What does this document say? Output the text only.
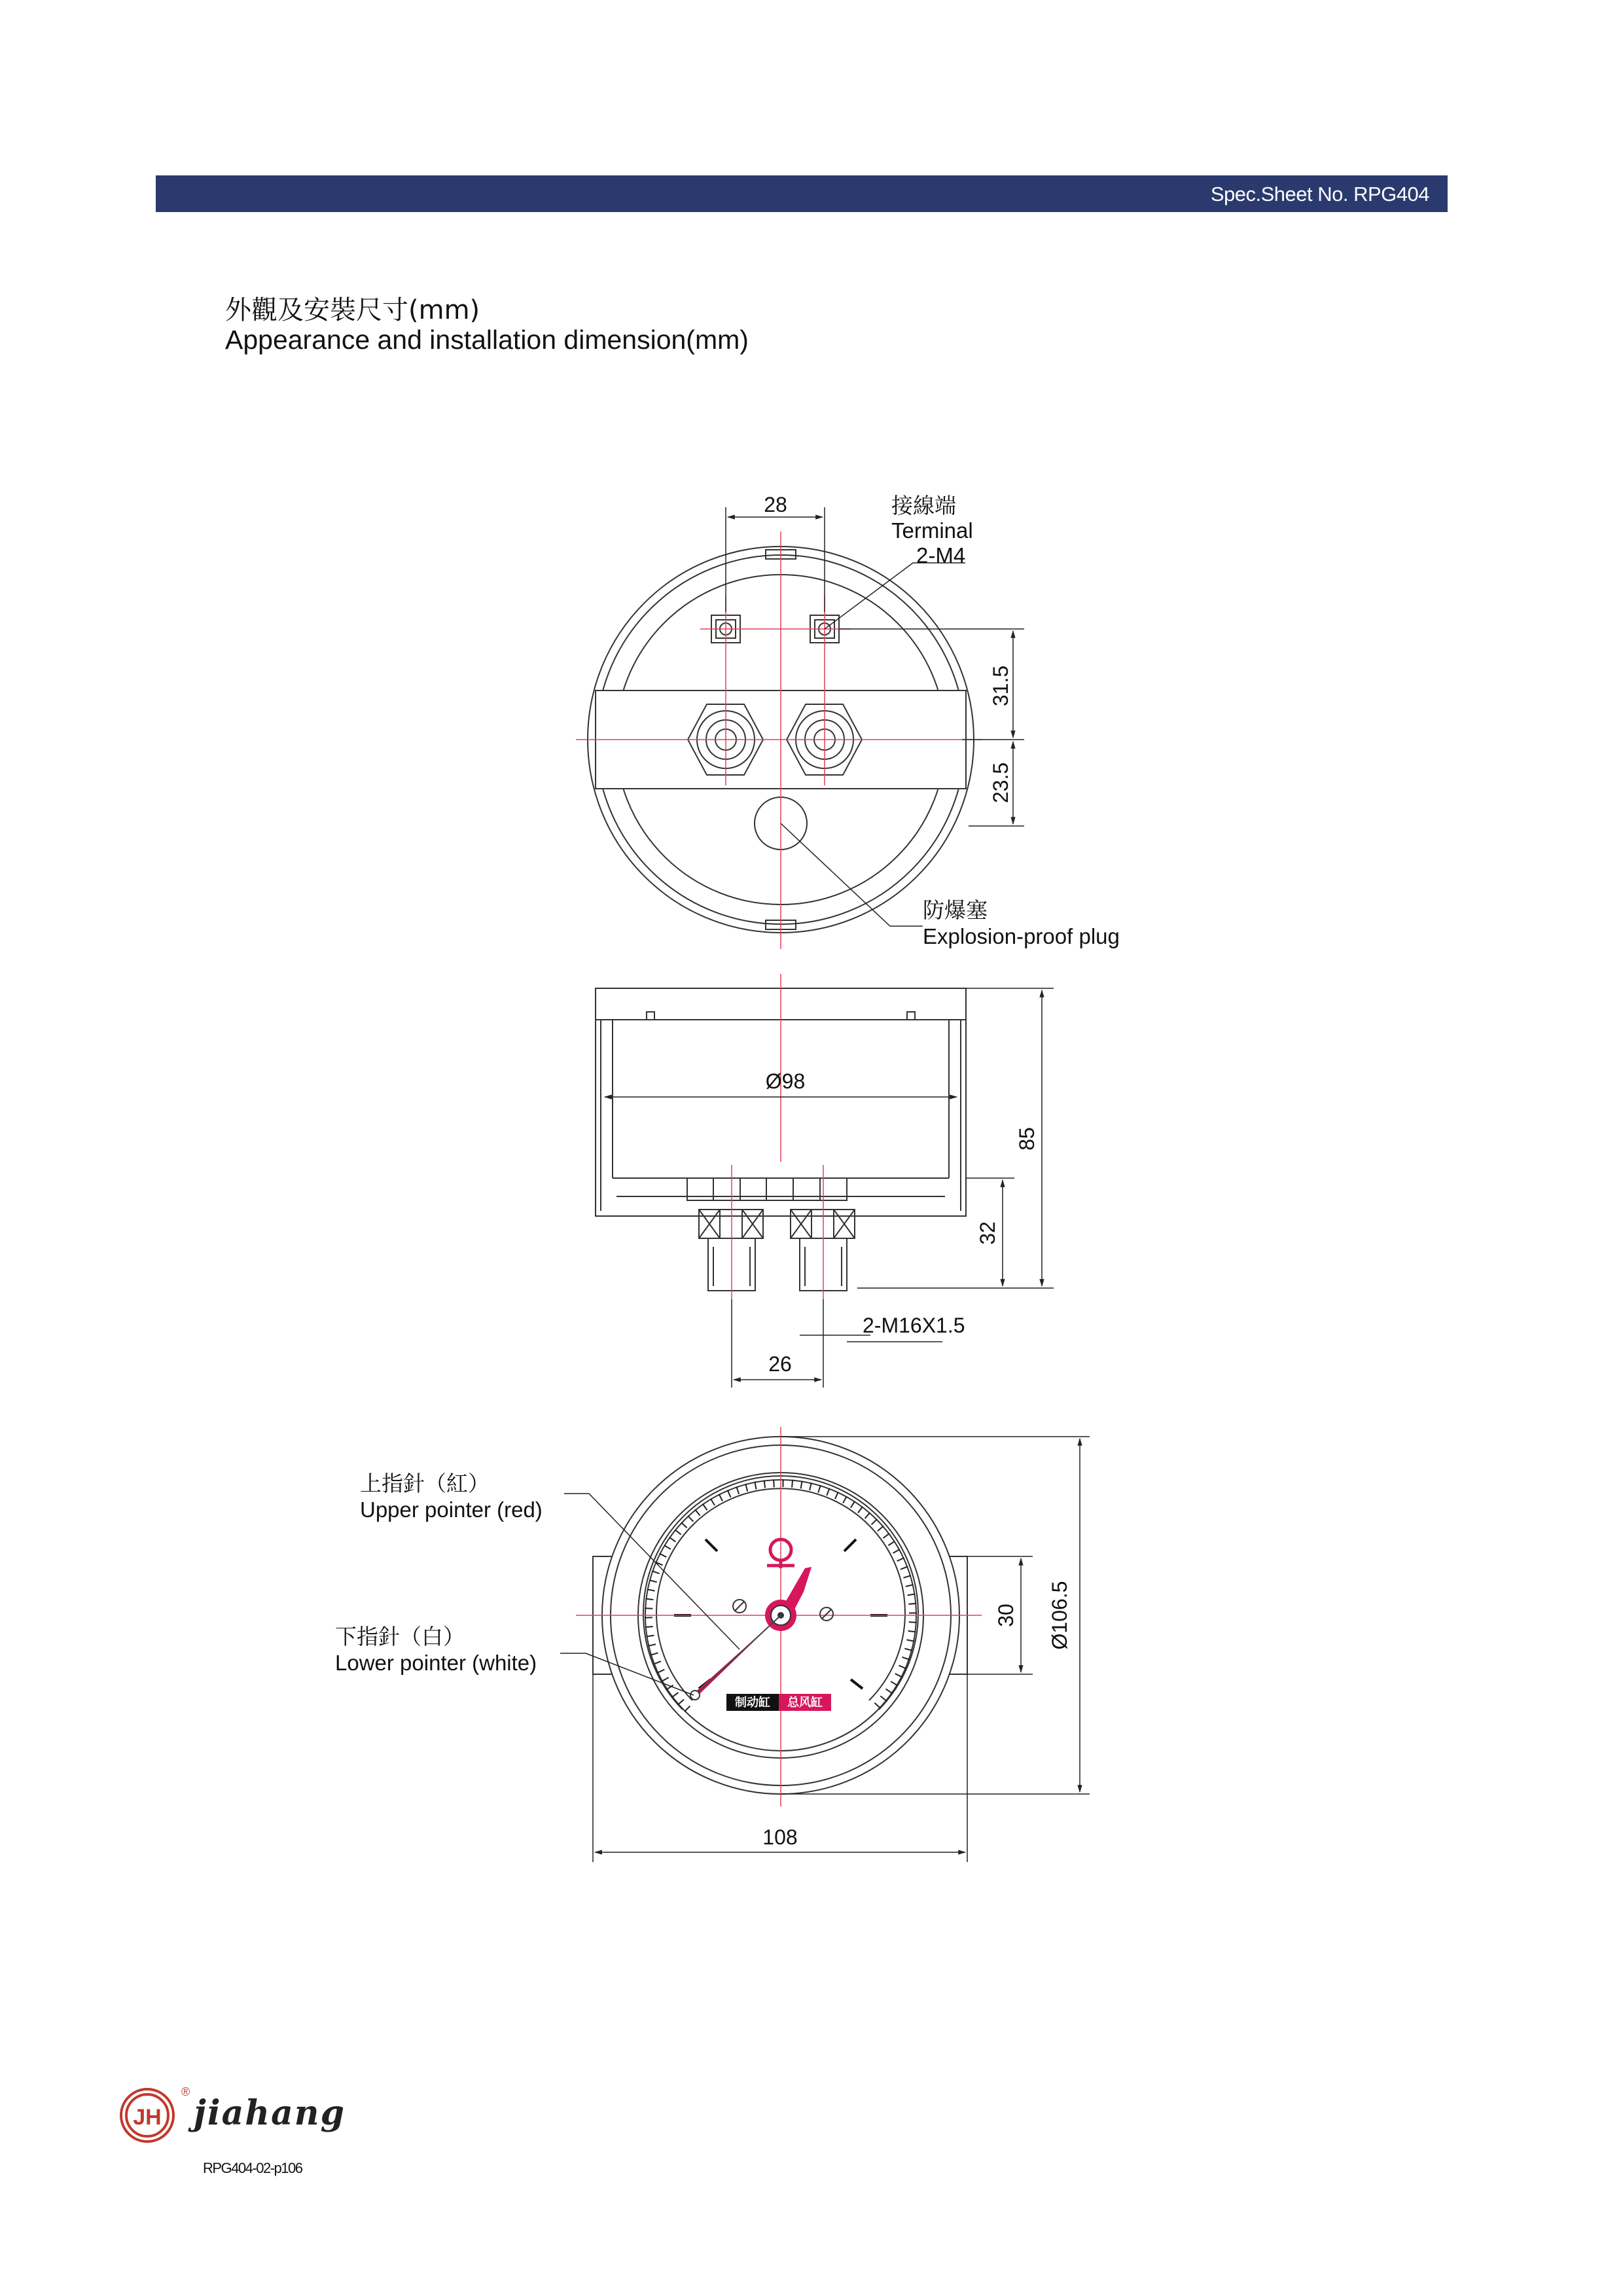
Spec.Sheet No. RPG404
外觀及安裝尺寸(mm)
Appearance and installation dimension(mm)
28	接線端
Terminal
2-M4
31.5
23.5
防爆塞
Explosion-proof plug
Ø98
85
32
2-M16X1.5
26
制动缸 总风缸
上指針（紅）
Upper pointer (red)
下指針（白）
Lower pointer (white)
30 Ø106.5
108
JH
®
jiahang
RPG404-02-p106
